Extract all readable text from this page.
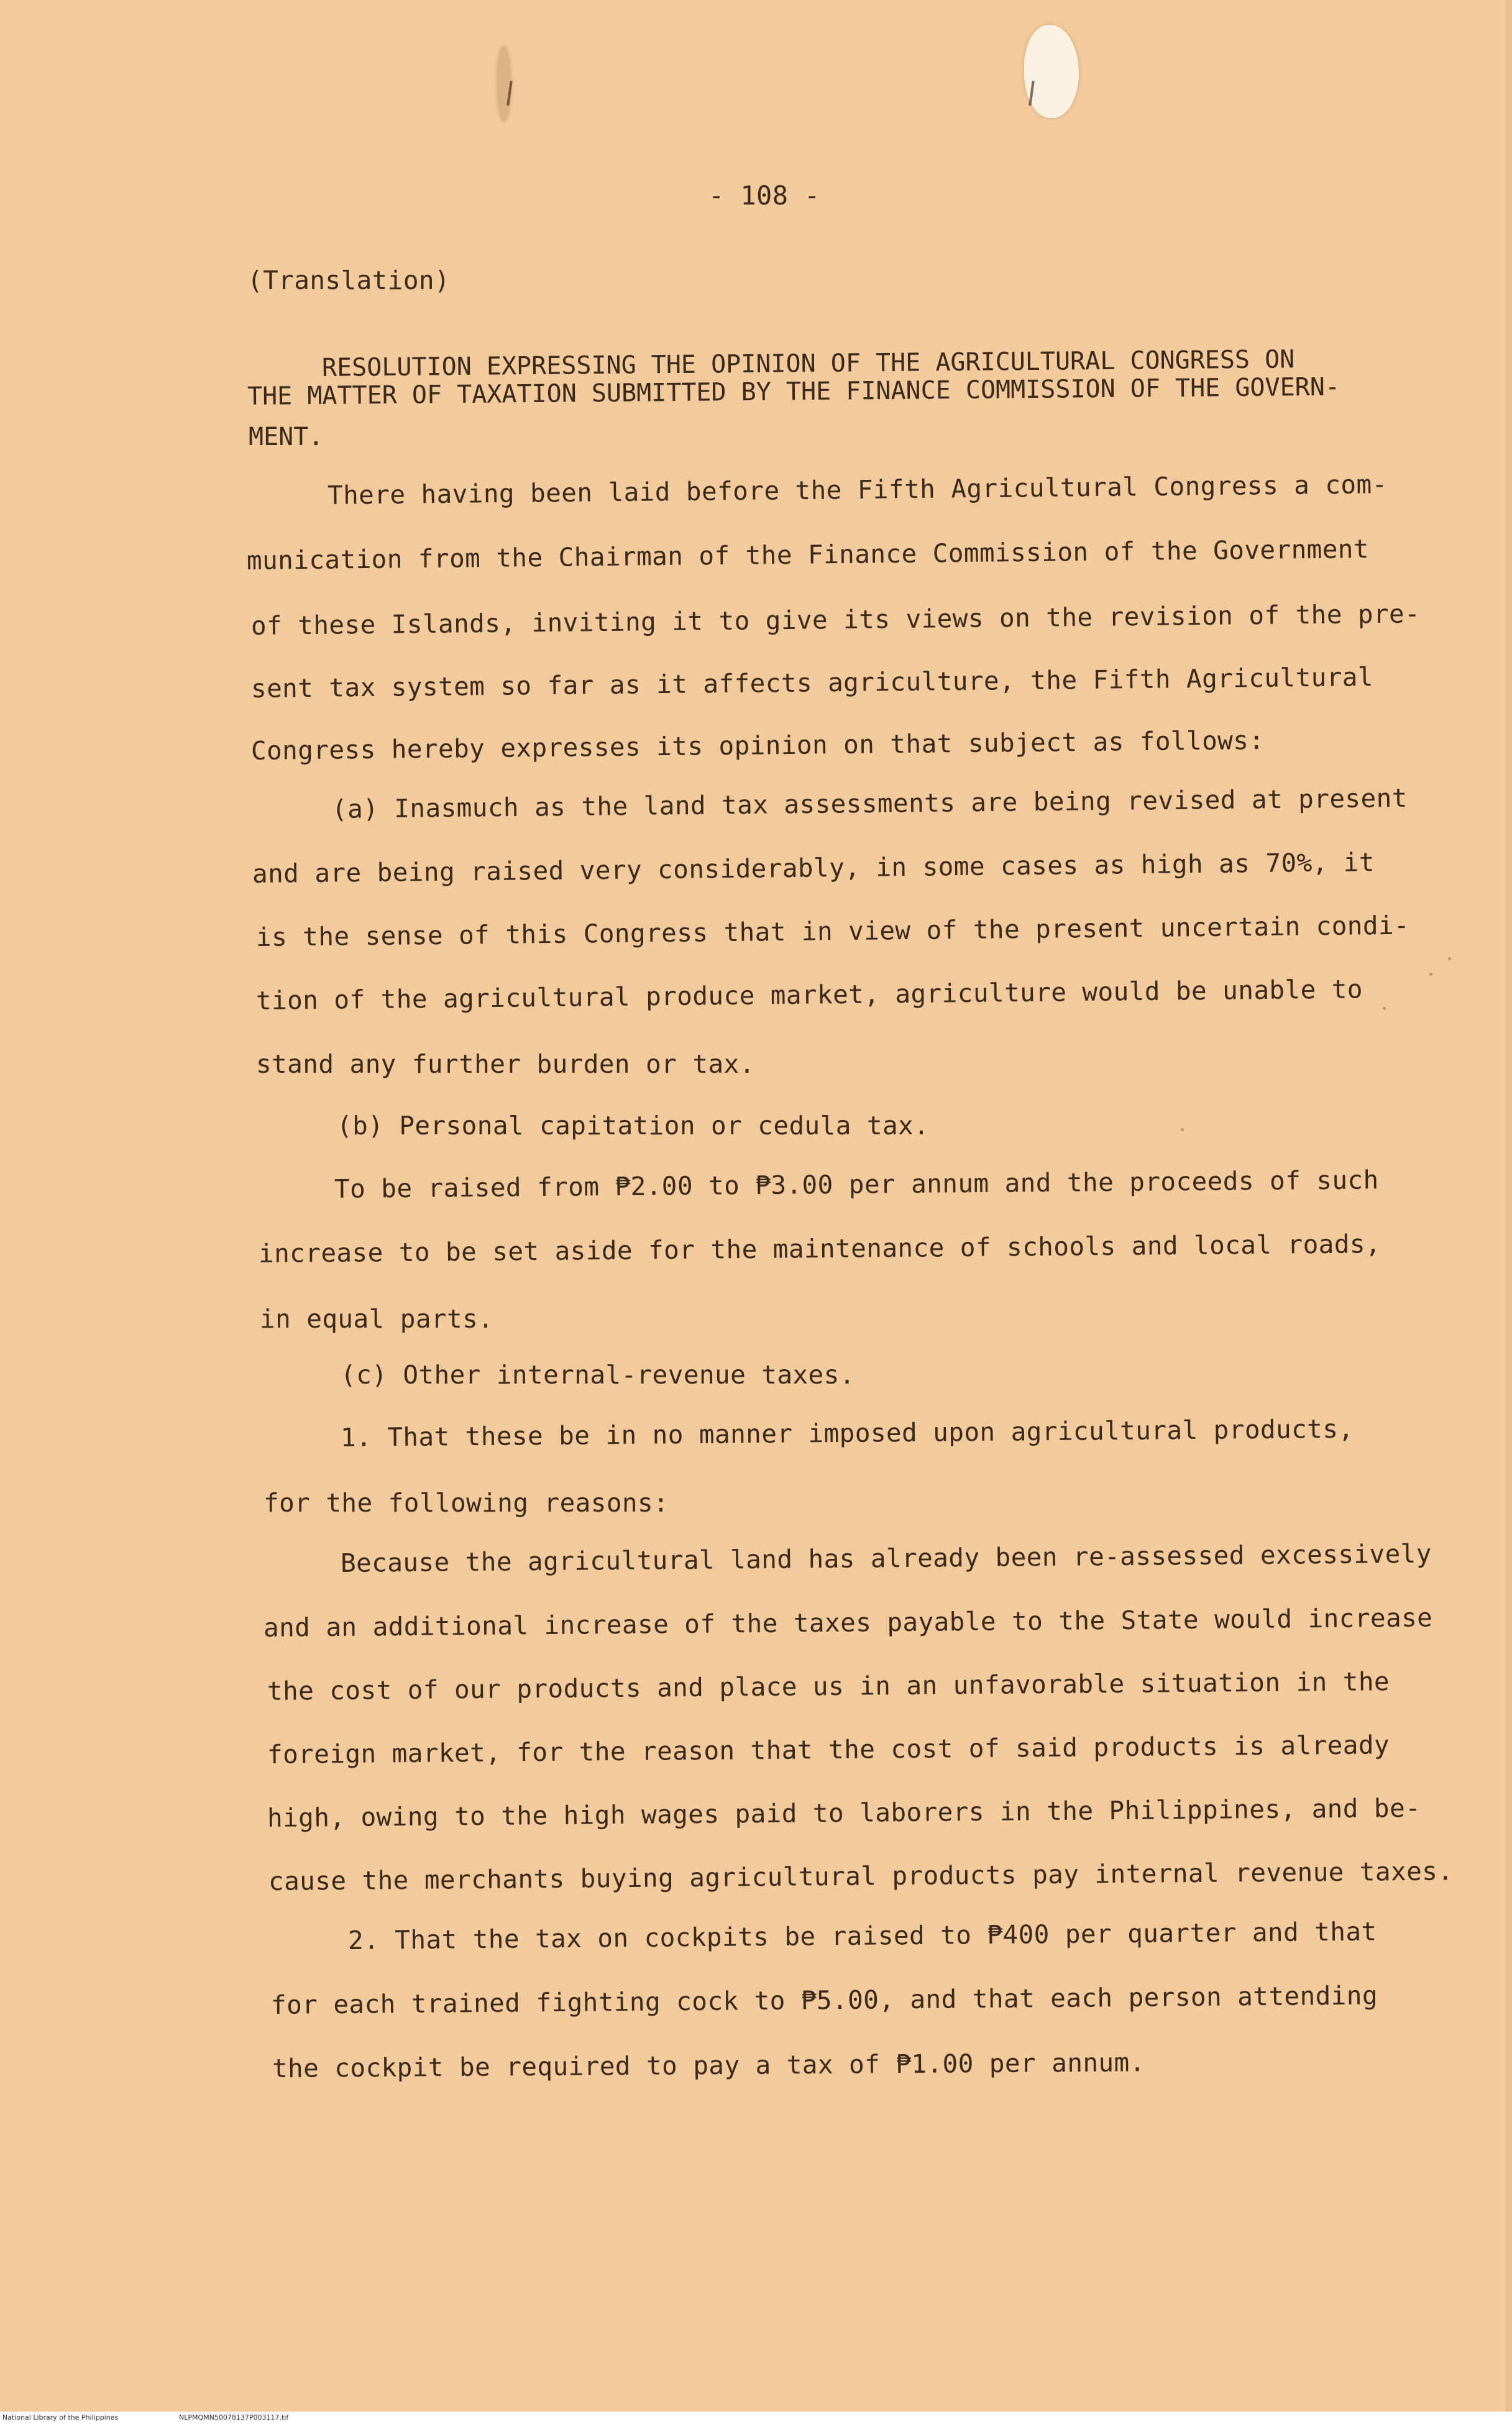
- 108 -
(Translation)
RESOLUTION EXPRESSING THE OPINION OF THE AGRICULTURAL CONGRESS ON
THE MATTER OF TAXATION SUBMITTED BY THE FINANCE COMMISSION OF THE GOVERN-
MENT.
There having been laid before the Fifth Agricultural Congress a com-
munication from the Chairman of the Finance Commission of the Government
of these Islands, inviting it to give its views on the revision of the pre-
sent tax system so far as it affects agriculture, the Fifth Agricultural
Congress hereby expresses its opinion on that subject as follows:
(a) Inasmuch as the land tax assessments are being revised at present
and are being raised very considerably, in some cases as high as 70%, it
is the sense of this Congress that in view of the present uncertain condi-
tion of the agricultural produce market, agriculture would be unable to
stand any further burden or tax.
(b) Personal capitation or cedula tax.
To be raised from ₱2.00 to ₱3.00 per annum and the proceeds of such
increase to be set aside for the maintenance of schools and local roads,
in equal parts.
(c) Other internal-revenue taxes.
1. That these be in no manner imposed upon agricultural products,
for the following reasons:
Because the agricultural land has already been re-assessed excessively
and an additional increase of the taxes payable to the State would increase
the cost of our products and place us in an unfavorable situation in the
foreign market, for the reason that the cost of said products is already
high, owing to the high wages paid to laborers in the Philippines, and be-
cause the merchants buying agricultural products pay internal revenue taxes.
2. That the tax on cockpits be raised to ₱400 per quarter and that
for each trained fighting cock to ₱5.00, and that each person attending
the cockpit be required to pay a tax of ₱1.00 per annum.
National Library of the Philippines	NLPMQMN50078137P003117.tif
